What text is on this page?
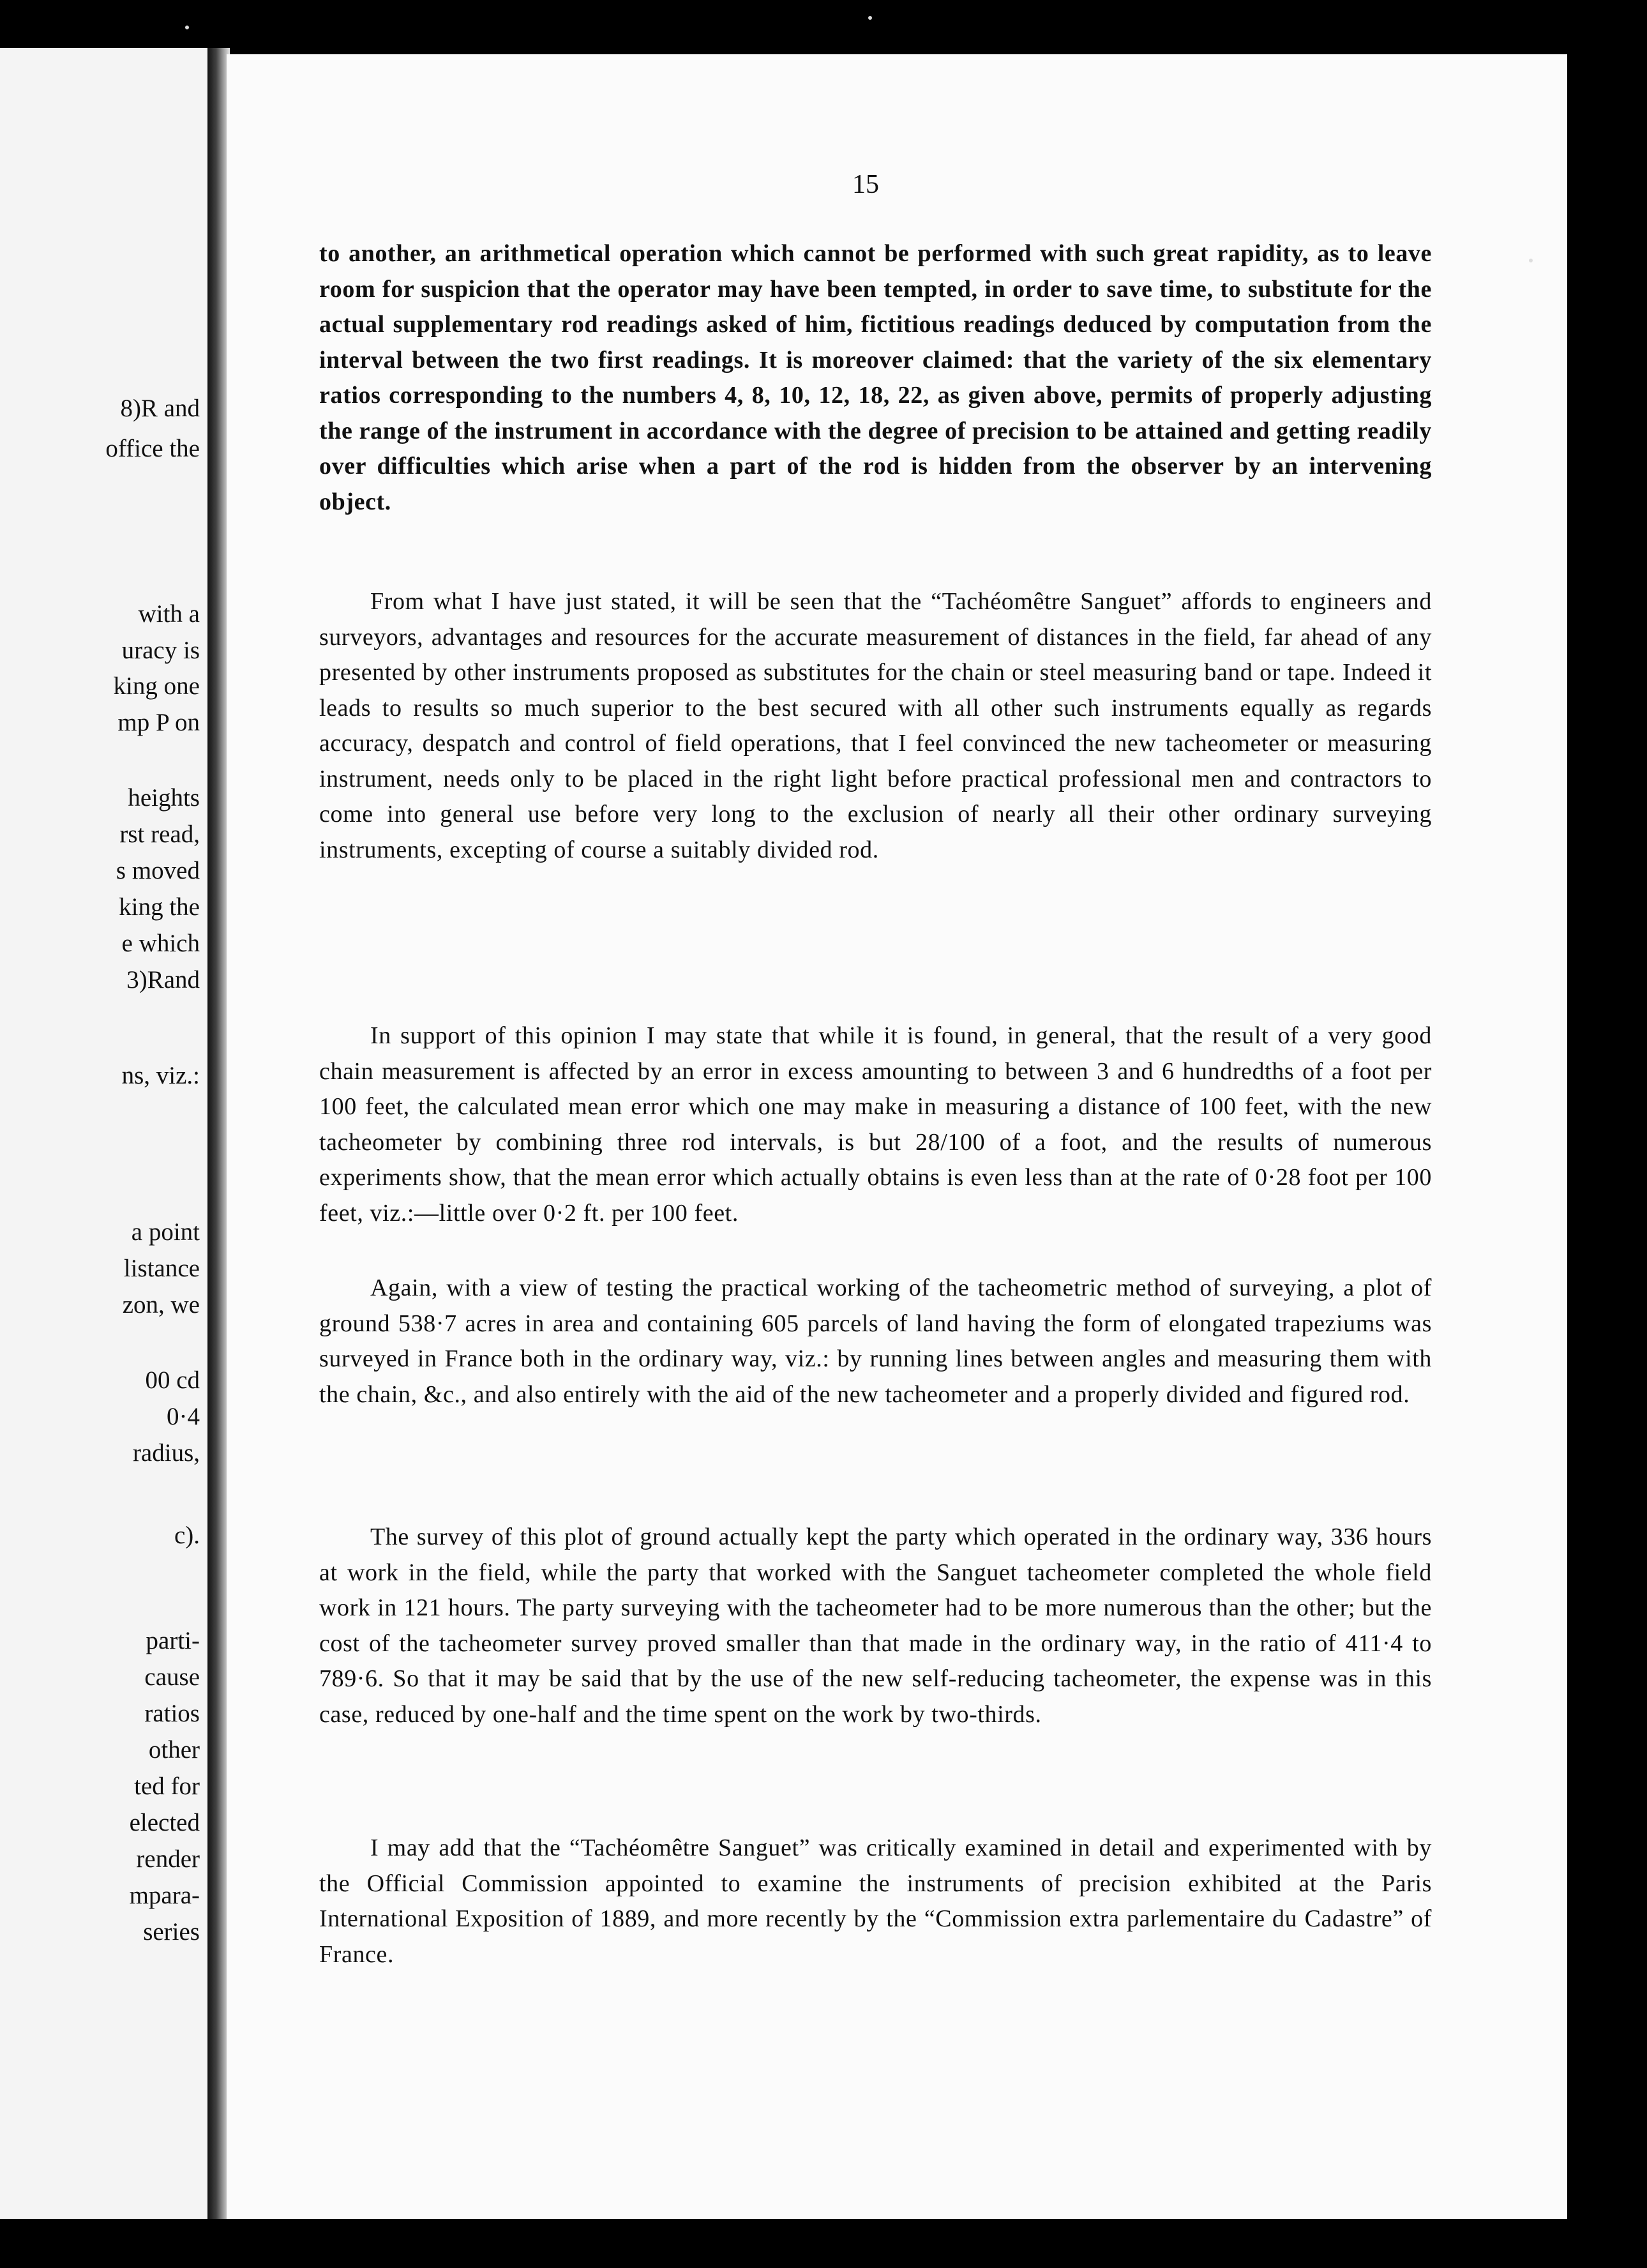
8)R and
office the
with a
uracy is
king one
mp P on
heights
rst read,
s moved
king the
e which
3)Rand
ns, viz.:
a point
listance
zon, we
00 cd
0·4
radius,
c).
parti-
cause
ratios
other
ted for
elected
render
mpara-
series
15

to another, an arithmetical operation which cannot be performed with such great rapidity, as to leave room for suspicion that the operator may have been tempted, in order to save time, to substitute for the actual supplementary rod readings asked of him, fictitious readings deduced by computation from the interval between the two first readings. It is moreover claimed: that the variety of the six elementary ratios corresponding to the numbers 4, 8, 10, 12, 18, 22, as given above, permits of properly adjusting the range of the instrument in accordance with the degree of precision to be attained and getting readily over difficulties which arise when a part of the rod is hidden from the observer by an intervening object.

From what I have just stated, it will be seen that the “Tachéomêtre Sanguet” affords to engineers and surveyors, advantages and resources for the accurate measurement of distances in the field, far ahead of any presented by other instruments proposed as substitutes for the chain or steel measuring band or tape. Indeed it leads to results so much superior to the best secured with all other such instruments equally as regards accuracy, despatch and control of field operations, that I feel convinced the new tacheometer or measuring instrument, needs only to be placed in the right light before practical professional men and contractors to come into general use before very long to the exclusion of nearly all their other ordinary surveying instruments, excepting of course a suitably divided rod.

In support of this opinion I may state that while it is found, in general, that the result of a very good chain measurement is affected by an error in excess amounting to between 3 and 6 hundredths of a foot per 100 feet, the calculated mean error which one may make in measuring a distance of 100 feet, with the new tacheometer by combining three rod intervals, is but 28/100 of a foot, and the results of numerous experiments show, that the mean error which actually obtains is even less than at the rate of 0·28 foot per 100 feet, viz.:—little over 0·2 ft. per 100 feet.

Again, with a view of testing the practical working of the tacheometric method of surveying, a plot of ground 538·7 acres in area and containing 605 parcels of land having the form of elongated trapeziums was surveyed in France both in the ordinary way, viz.: by running lines between angles and measuring them with the chain, &c., and also entirely with the aid of the new tacheometer and a properly divided and figured rod.

The survey of this plot of ground actually kept the party which operated in the ordinary way, 336 hours at work in the field, while the party that worked with the Sanguet tacheometer completed the whole field work in 121 hours. The party surveying with the tacheometer had to be more numerous than the other; but the cost of the tacheometer survey proved smaller than that made in the ordinary way, in the ratio of 411·4 to 789·6. So that it may be said that by the use of the new self-reducing tacheometer, the expense was in this case, reduced by one-half and the time spent on the work by two-thirds.

I may add that the “Tachéomêtre Sanguet” was critically examined in detail and experimented with by the Official Commission appointed to examine the instruments of precision exhibited at the Paris International Exposition of 1889, and more recently by the “Commission extra parlementaire du Cadastre” of France.
